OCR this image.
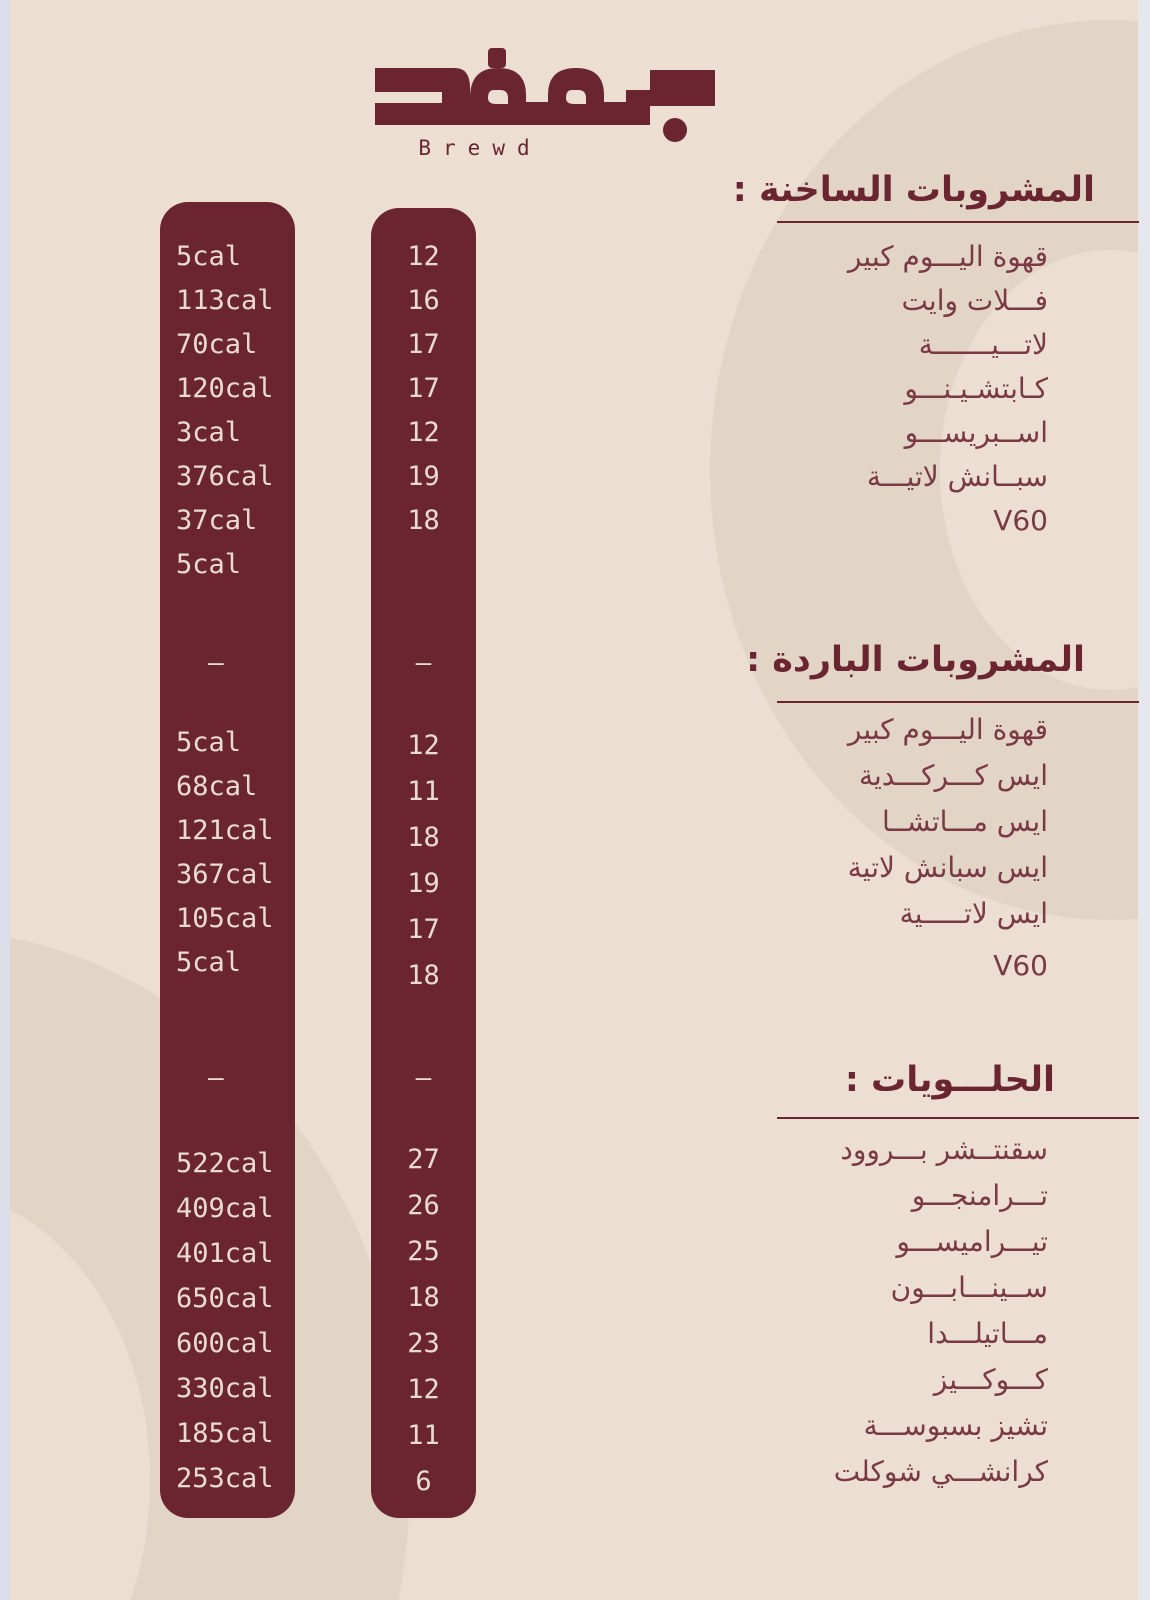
Brewd
5cal
113cal
70cal
120cal
3cal
376cal
37cal
5cal
–
12
16
17
17
12
19
18
–
5cal
68cal
121cal
367cal
105cal
5cal
–
12
11
18
19
17
18
–
522cal
409cal
401cal
650cal
600cal
330cal
185cal
253cal
27
26
25
18
23
12
11
6
المشروبات الساخنة :
قهوة اليـــوم كبير
فـــلات وايت
لاتـــيـــــــة
كـابتشـيـنـــو
اســبريســـو
سبــانش لاتيـــة
V60
المشروبات الباردة :
قهوة اليـــوم كبير
ايس كـــركـــدية
ايس مـــاتشــا
ايس سبانش لاتية
ايس لاتـــــية
V60
الحلـــويات :
سقنتــشر بـــروود
تـــرامنجـــو
تيـــراميســـو
ســينـــابـــون
مـــاتيلـــدا
كـــوكـــيز
تشيز بسبوســـة
كرانشـــي شوكلت
